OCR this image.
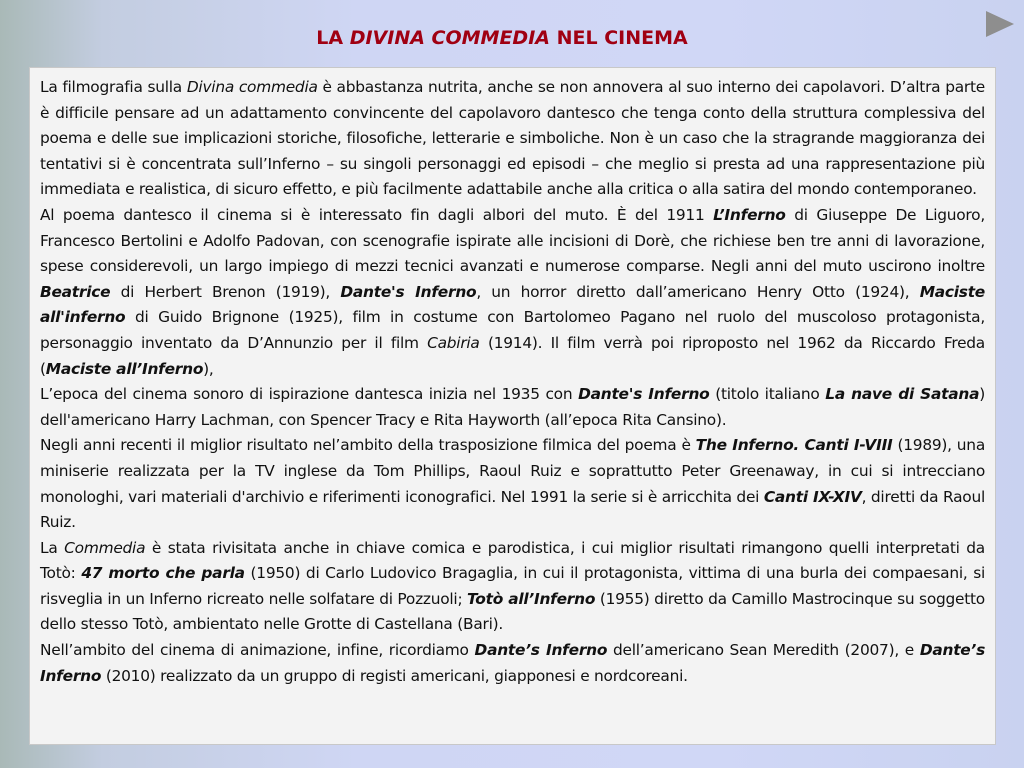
LA DIVINA COMMEDIA NEL CINEMA

La filmografia sulla Divina commedia è abbastanza nutrita, anche se non annovera al suo interno dei capolavori. D’altra parte è difficile pensare ad un adattamento convincente del capolavoro dantesco che tenga conto della struttura complessiva del poema e delle sue implicazioni storiche, filosofiche, letterarie e simboliche. Non è un caso che la stragrande maggioranza dei tentativi si è concentrata sull’Inferno – su singoli personaggi ed episodi – che meglio si presta ad una rappresentazione più immediata e realistica, di sicuro effetto, e più facilmente adattabile anche alla critica o alla satira del mondo contemporaneo.

Al poema dantesco il cinema si è interessato fin dagli albori del muto. È del 1911 L’Inferno di Giuseppe De Liguoro, Francesco Bertolini e Adolfo Padovan, con scenografie ispirate alle incisioni di Dorè, che richiese ben tre anni di lavorazione, spese considerevoli, un largo impiego di mezzi tecnici avanzati e numerose comparse. Negli anni del muto uscirono inoltre Beatrice di Herbert Brenon (1919), Dante's Inferno, un horror diretto dall’americano Henry Otto (1924), Maciste all'inferno di Guido Brignone (1925), film in costume con Bartolomeo Pagano nel ruolo del muscoloso protagonista, personaggio inventato da D’Annunzio per il film Cabiria (1914). Il film verrà poi riproposto nel 1962 da Riccardo Freda (Maciste all’Inferno),

L’epoca del cinema sonoro di ispirazione dantesca inizia nel 1935 con Dante's Inferno (titolo italiano La nave di Satana) dell'americano Harry Lachman, con Spencer Tracy e Rita Hayworth (all’epoca Rita Cansino).

Negli anni recenti il miglior risultato nel’ambito della trasposizione filmica del poema è The Inferno. Canti I-VIII (1989), una miniserie realizzata per la TV inglese da Tom Phillips, Raoul Ruiz e soprattutto Peter Greenaway, in cui si intrecciano monologhi, vari materiali d'archivio e riferimenti iconografici. Nel 1991 la serie si è arricchita dei Canti IX-XIV, diretti da Raoul Ruiz.

La Commedia è stata rivisitata anche in chiave comica e parodistica, i cui miglior risultati rimangono quelli interpretati da Totò: 47 morto che parla (1950) di Carlo Ludovico Bragaglia, in cui il protagonista, vittima di una burla dei compaesani, si risveglia in un Inferno ricreato nelle solfatare di Pozzuoli; Totò all’Inferno (1955) diretto da Camillo Mastrocinque su soggetto dello stesso Totò, ambientato nelle Grotte di Castellana (Bari).

Nell’ambito del cinema di animazione, infine, ricordiamo Dante’s Inferno dell’americano Sean Meredith (2007), e Dante’s Inferno (2010) realizzato da un gruppo di registi americani, giapponesi e nordcoreani.
